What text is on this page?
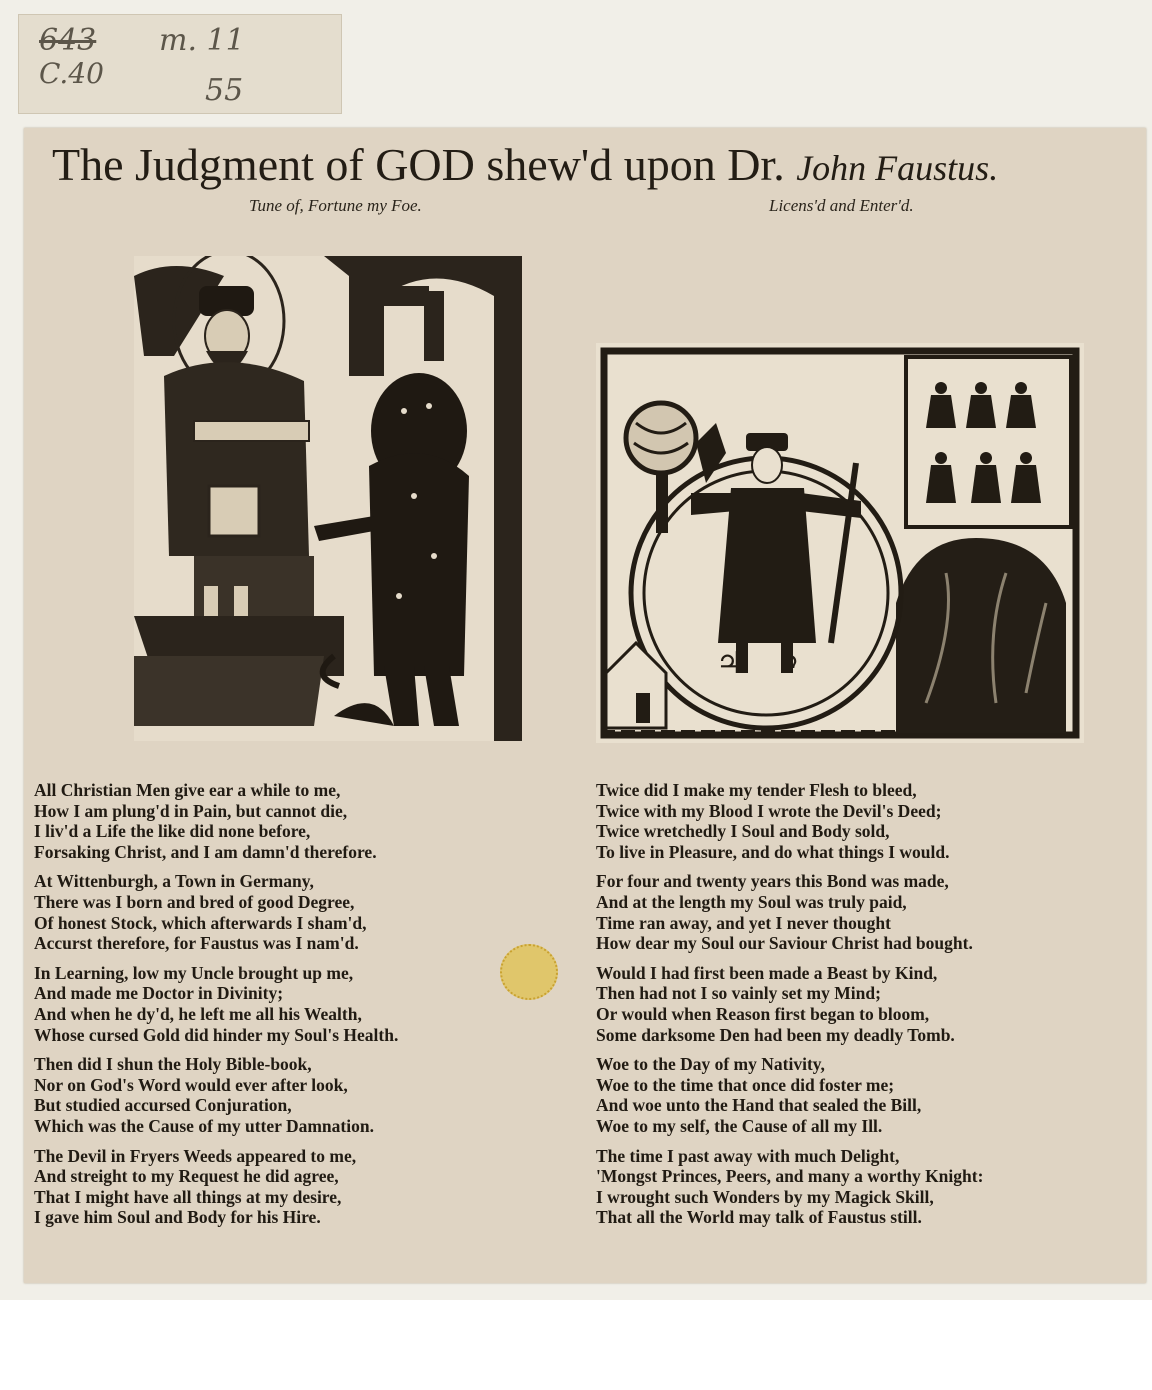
643 m. 11
C.40	55
The Judgment of GOD shew'd upon Dr. John Faustus.
Tune of, Fortune my Foe.	Licens'd and Enter'd.
♃ ♄
All Christian Men give ear a while to me,
How I am plung'd in Pain, but cannot die,
I liv'd a Life the like did none before,
Forsaking Christ, and I am damn'd therefore.
At Wittenburgh, a Town in Germany,
There was I born and bred of good Degree,
Of honest Stock, which afterwards I sham'd,
Accurst therefore, for Faustus was I nam'd.
In Learning, low my Uncle brought up me,
And made me Doctor in Divinity;
And when he dy'd, he left me all his Wealth,
Whose cursed Gold did hinder my Soul's Health.
Then did I shun the Holy Bible-book,
Nor on God's Word would ever after look,
But studied accursed Conjuration,
Which was the Cause of my utter Damnation.
The Devil in Fryers Weeds appeared to me,
And streight to my Request he did agree,
That I might have all things at my desire,
I gave him Soul and Body for his Hire.
Twice did I make my tender Flesh to bleed,
Twice with my Blood I wrote the Devil's Deed;
Twice wretchedly I Soul and Body sold,
To live in Pleasure, and do what things I would.
For four and twenty years this Bond was made,
And at the length my Soul was truly paid,
Time ran away, and yet I never thought
How dear my Soul our Saviour Christ had bought.
Would I had first been made a Beast by Kind,
Then had not I so vainly set my Mind;
Or would when Reason first began to bloom,
Some darksome Den had been my deadly Tomb.
Woe to the Day of my Nativity,
Woe to the time that once did foster me;
And woe unto the Hand that sealed the Bill,
Woe to my self, the Cause of all my Ill.
The time I past away with much Delight,
'Mongst Princes, Peers, and many a worthy Knight:
I wrought such Wonders by my Magick Skill,
That all the World may talk of Faustus still.
